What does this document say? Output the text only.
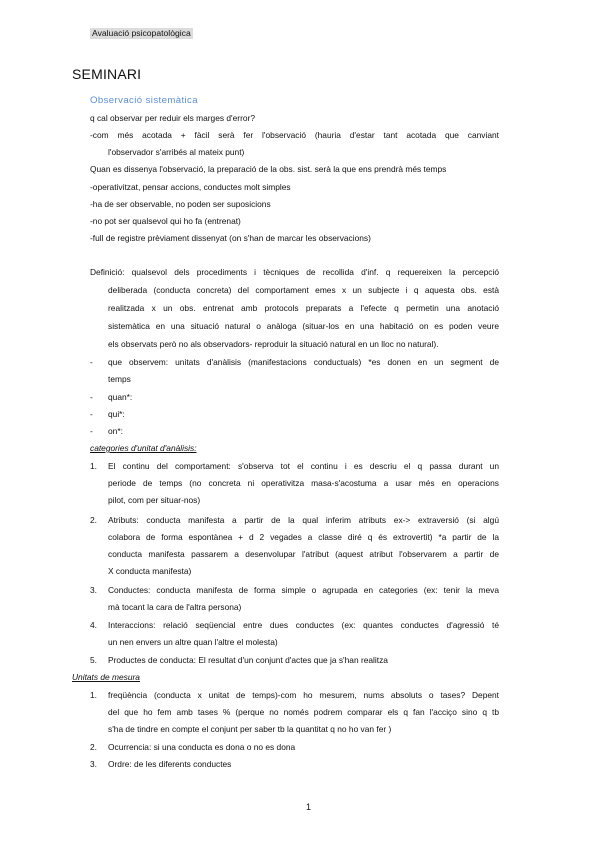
Avaluació psicopatològica
SEMINARI
Observació sistemàtica
q cal observar per reduir els marges d'error?
-com més acotada + fàcil serà fer l'observació (hauria d'estar tant acotada que canviant
l'observador s'arribés al mateix punt)
Quan es dissenya l'observació, la preparació de la obs. sist. serà la que ens prendrà més temps
-operativitzat, pensar accions, conductes molt simples
-ha de ser observable, no poden ser suposicions
-no pot ser qualsevol qui ho fa (entrenat)
-full de registre prèviament dissenyat (on s'han de marcar les observacions)
Definició: qualsevol dels procediments i tècniques de recollida d'inf. q requereixen la percepció
deliberada (conducta concreta) del comportament emes x un subjecte i q aquesta obs. està
realitzada x un obs. entrenat amb protocols preparats a l'efecte q permetin una anotació
sistemàtica en una situació natural o anàloga (situar-los en una habitació on es poden veure
els observats però no als observadors- reproduir la situació natural en un lloc no natural).
- que observem: unitats d'anàlisis (manifestacions conductuals) *es donen en un segment de
temps
- quan*:
- qui*:
- on*:
categories d'unitat d'anàlisis:
1. El continu del comportament: s'observa tot el continu i es descriu el q passa durant un
periode de temps (no concreta ni operativitza masa-s'acostuma a usar més en operacions
pilot, com per situar-nos)
2. Atributs: conducta manifesta a partir de la qual inferim atributs ex-> extraversió (si algú
colabora de forma espontànea + d 2 vegades a classe diré q és extrovertit) *a partir de la
conducta manifesta passarem a desenvolupar l'atribut (aquest atribut l'observarem a partir de
X conducta manifesta)
3. Conductes: conducta manifesta de forma simple o agrupada en categories (ex: tenir la meva
mà tocant la cara de l'altra persona)
4. Interaccions: relació seqüencial entre dues conductes (ex: quantes conductes d'agressió té
un nen envers un altre quan l'altre el molesta)
5. Productes de conducta: El resultat d'un conjunt d'actes que ja s'han realitza
Unitats de mesura
1. freqüència (conducta x unitat de temps)-com ho mesurem, nums absoluts o tases? Depent
del que ho fem amb tases % (perque no només podrem comparar els q fan l'acciço sino q tb
s'ha de tindre en compte el conjunt per saber tb la quantitat q no ho van fer )
2. Ocurrencia: si una conducta es dona o no es dona
3. Ordre: de les diferents conductes
1
